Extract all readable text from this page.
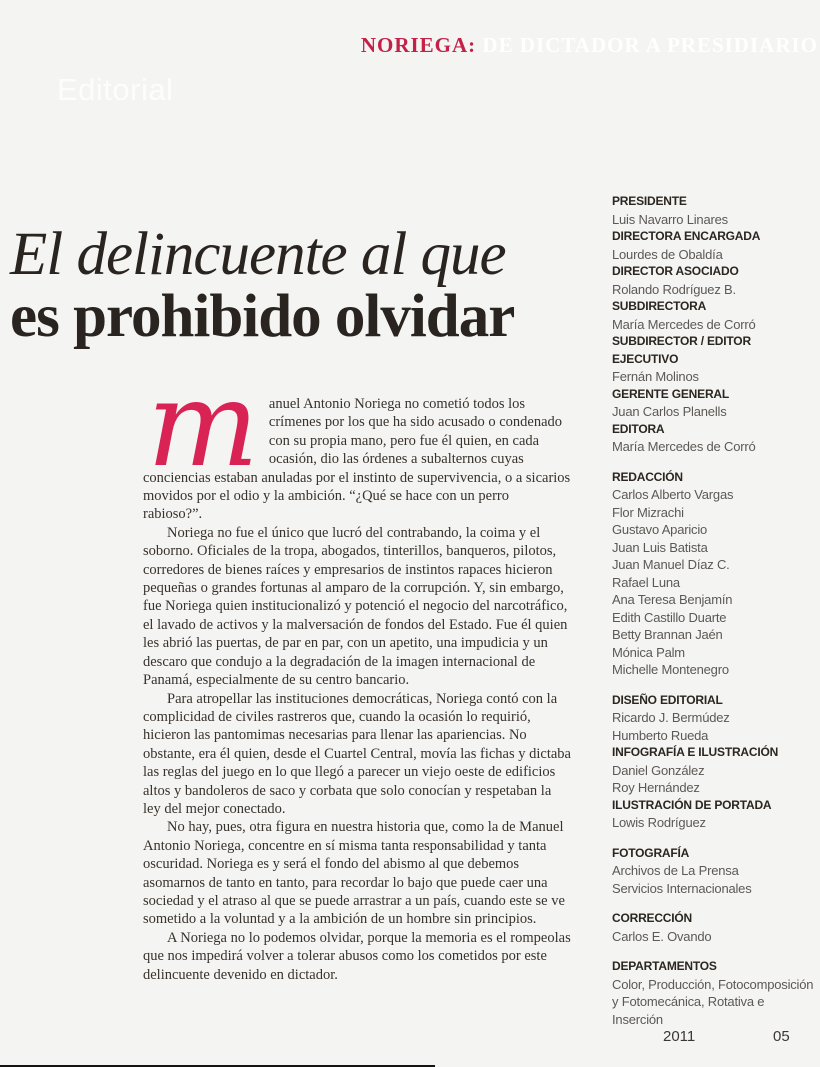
NORIEGA: DE DICTADOR A PRESIDIARIO
Editorial
El delincuente al que
es prohibido olvidar

manuel Antonio Noriega no cometió todos los crímenes por los que ha sido acusado o condenado con su propia mano, pero fue él quien, en cada ocasión, dio las órdenes a subalternos cuyas conciencias estaban anuladas por el instinto de supervivencia, o a sicarios movidos por el odio y la ambición. “¿Qué se hace con un perro rabioso?”.

Noriega no fue el único que lucró del contrabando, la coima y el soborno. Oficiales de la tropa, abogados, tinterillos, banqueros, pilotos, corredores de bienes raíces y empresarios de instintos rapaces hicieron pequeñas o grandes fortunas al amparo de la corrupción. Y, sin embargo, fue Noriega quien institucionalizó y potenció el negocio del narcotráfico, el lavado de activos y la malversación de fondos del Estado. Fue él quien les abrió las puertas, de par en par, con un apetito, una impudicia y un descaro que condujo a la degradación de la imagen internacional de Panamá, especialmente de su centro bancario.

Para atropellar las instituciones democráticas, Noriega contó con la complicidad de civiles rastreros que, cuando la ocasión lo requirió, hicieron las pantomimas necesarias para llenar las apariencias. No obstante, era él quien, desde el Cuartel Central, movía las fichas y dictaba las reglas del juego en lo que llegó a parecer un viejo oeste de edificios altos y bandoleros de saco y corbata que solo conocían y respetaban la ley del mejor conectado.

No hay, pues, otra figura en nuestra historia que, como la de Manuel Antonio Noriega, concentre en sí misma tanta responsabilidad y tanta oscuridad. Noriega es y será el fondo del abismo al que debemos asomarnos de tanto en tanto, para recordar lo bajo que puede caer una sociedad y el atraso al que se puede arrastrar a un país, cuando este se ve sometido a la voluntad y a la ambición de un hombre sin principios.

A Noriega no lo podemos olvidar, porque la memoria es el rompeolas que nos impedirá volver a tolerar abusos como los cometidos por este delincuente devenido en dictador.

PRESIDENTE
Luis Navarro Linares
DIRECTORA ENCARGADA
Lourdes de Obaldía
DIRECTOR ASOCIADO
Rolando Rodríguez B.
SUBDIRECTORA
María Mercedes de Corró
SUBDIRECTOR / EDITOR EJECUTIVO
Fernán Molinos
GERENTE GENERAL
Juan Carlos Planells
EDITORA
María Mercedes de Corró
REDACCIÓN
Carlos Alberto Vargas
Flor Mizrachi
Gustavo Aparicio
Juan Luis Batista
Juan Manuel Díaz C.
Rafael Luna
Ana Teresa Benjamín
Edith Castillo Duarte
Betty Brannan Jaén
Mónica Palm
Michelle Montenegro
DISEÑO EDITORIAL
Ricardo J. Bermúdez
Humberto Rueda
INFOGRAFÍA E ILUSTRACIÓN
Daniel González
Roy Hernández
ILUSTRACIÓN DE PORTADA
Lowis Rodríguez
FOTOGRAFÍA
Archivos de La Prensa
Servicios Internacionales
CORRECCIÓN
Carlos E. Ovando
DEPARTAMENTOS
Color, Producción, Fotocomposición y Fotomecánica, Rotativa e Inserción
2011	05
